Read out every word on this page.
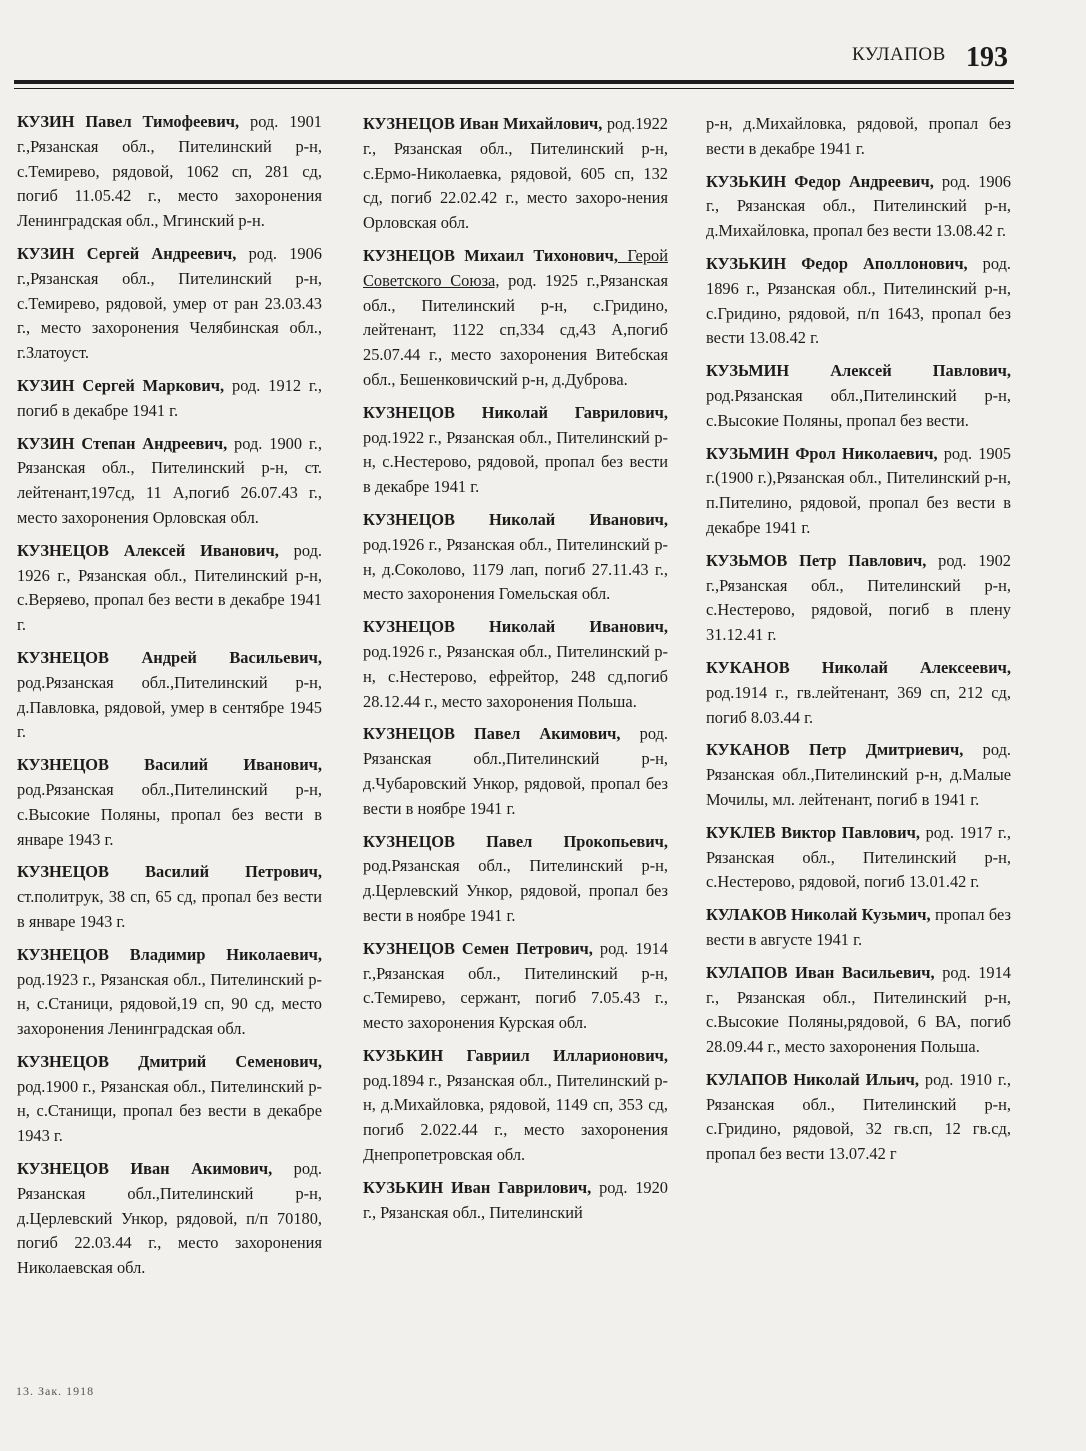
КУЛАПОВ 193

КУЗИН Павел Тимофеевич, род. 1901 г.,Рязанская обл., Пителинский р-н, с.Темирево, рядовой, 1062 сп, 281 сд, погиб 11.05.42 г., место захоронения Ленинградская обл., Мгинский р-н.

КУЗИН Сергей Андреевич, род. 1906 г.,Рязанская обл., Пителинский р-н, с.Темирево, рядовой, умер от ран 23.03.43 г., место захоронения Челябинская обл., г.Златоуст.

КУЗИН Сергей Маркович, род. 1912 г., погиб в декабре 1941 г.

КУЗИН Степан Андреевич, род. 1900 г., Рязанская обл., Пителинский р-н, ст. лейтенант,197сд, 11 А,погиб 26.07.43 г., место захоронения Орловская обл.

КУЗНЕЦОВ Алексей Иванович, род. 1926 г., Рязанская обл., Пителинский р-н, с.Веряево, пропал без вести в декабре 1941 г.

КУЗНЕЦОВ Андрей Васильевич, род.Рязанская обл.,Пителинский р-н, д.Павловка, рядовой, умер в сентябре 1945 г.

КУЗНЕЦОВ Василий Иванович, род.Рязанская обл.,Пителинский р-н, с.Высокие Поляны, пропал без вести в январе 1943 г.

КУЗНЕЦОВ Василий Петрович, ст.политрук, 38 сп, 65 сд, пропал без вести в январе 1943 г.

КУЗНЕЦОВ Владимир Николаевич, род.1923 г., Рязанская обл., Пителинский р-н, с.Станици, рядовой,19 сп, 90 сд, место захоронения Ленинградская обл.

КУЗНЕЦОВ Дмитрий Семенович, род.1900 г., Рязанская обл., Пителинский р-н, с.Станищи, пропал без вести в декабре 1943 г.

КУЗНЕЦОВ Иван Акимович, род. Рязанская обл.,Пителинский р-н, д.Церлевский Ункор, рядовой, п/п 70180, погиб 22.03.44 г., место захоронения Николаевская обл.

КУЗНЕЦОВ Иван Михайлович, род.1922 г., Рязанская обл., Пителинский р-н, с.Ермо-Николаевка, рядовой, 605 сп, 132 сд, погиб 22.02.42 г., место захоро-нения Орловская обл.

КУЗНЕЦОВ Михаил Тихонович, Герой Советского Союза, род. 1925 г.,Рязанская обл., Пителинский р-н, с.Гридино, лейтенант, 1122 сп,334 сд,43 А,погиб 25.07.44 г., место захоронения Витебская обл., Бешенковичский р-н, д.Дуброва.

КУЗНЕЦОВ Николай Гаврилович, род.1922 г., Рязанская обл., Пителинский р-н, с.Нестерово, рядовой, пропал без вести в декабре 1941 г.

КУЗНЕЦОВ Николай Иванович, род.1926 г., Рязанская обл., Пителинский р-н, д.Соколово, 1179 лап, погиб 27.11.43 г., место захоронения Гомельская обл.

КУЗНЕЦОВ Николай Иванович, род.1926 г., Рязанская обл., Пителинский р-н, с.Нестерово, ефрейтор, 248 сд,погиб 28.12.44 г., место захоронения Польша.

КУЗНЕЦОВ Павел Акимович, род. Рязанская обл.,Пителинский р-н, д.Чубаровский Ункор, рядовой, пропал без вести в ноябре 1941 г.

КУЗНЕЦОВ Павел Прокопьевич, род.Рязанская обл., Пителинский р-н, д.Церлевский Ункор, рядовой, пропал без вести в ноябре 1941 г.

КУЗНЕЦОВ Семен Петрович, род. 1914 г.,Рязанская обл., Пителинский р-н, с.Темирево, сержант, погиб 7.05.43 г., место захоронения Курская обл.

КУЗЬКИН Гавриил Илларионович, род.1894 г., Рязанская обл., Пителинский р-н, д.Михайловка, рядовой, 1149 сп, 353 сд, погиб 2.022.44 г., место захоронения Днепропетровская обл.

КУЗЬКИН Иван Гаврилович, род. 1920 г., Рязанская обл., Пителинский

р-н, д.Михайловка, рядовой, пропал без вести в декабре 1941 г.

КУЗЬКИН Федор Андреевич, род. 1906 г., Рязанская обл., Пителинский р-н, д.Михайловка, пропал без вести 13.08.42 г.

КУЗЬКИН Федор Аполлонович, род. 1896 г., Рязанская обл., Пителинский р-н, с.Гридино, рядовой, п/п 1643, пропал без вести 13.08.42 г.

КУЗЬМИН Алексей Павлович, род.Рязанская обл.,Пителинский р-н, с.Высокие Поляны, пропал без вести.

КУЗЬМИН Фрол Николаевич, род. 1905 г.(1900 г.),Рязанская обл., Пителинский р-н, п.Пителино, рядовой, пропал без вести в декабре 1941 г.

КУЗЬМОВ Петр Павлович, род. 1902 г.,Рязанская обл., Пителинский р-н, с.Нестерово, рядовой, погиб в плену 31.12.41 г.

КУКАНОВ Николай Алексеевич, род.1914 г., гв.лейтенант, 369 сп, 212 сд, погиб 8.03.44 г.

КУКАНОВ Петр Дмитриевич, род. Рязанская обл.,Пителинский р-н, д.Малые Мочилы, мл. лейтенант, погиб в 1941 г.

КУКЛЕВ Виктор Павлович, род. 1917 г., Рязанская обл., Пителинский р-н, с.Нестерово, рядовой, погиб 13.01.42 г.

КУЛАКОВ Николай Кузьмич, пропал без вести в августе 1941 г.

КУЛАПОВ Иван Васильевич, род. 1914 г., Рязанская обл., Пителинский р-н, с.Высокие Поляны,рядовой, 6 ВА, погиб 28.09.44 г., место захоронения Польша.

КУЛАПОВ Николай Ильич, род. 1910 г., Рязанская обл., Пителинский р-н, с.Гридино, рядовой, 32 гв.сп, 12 гв.сд, пропал без вести 13.07.42 г

13. Зак. 1918
